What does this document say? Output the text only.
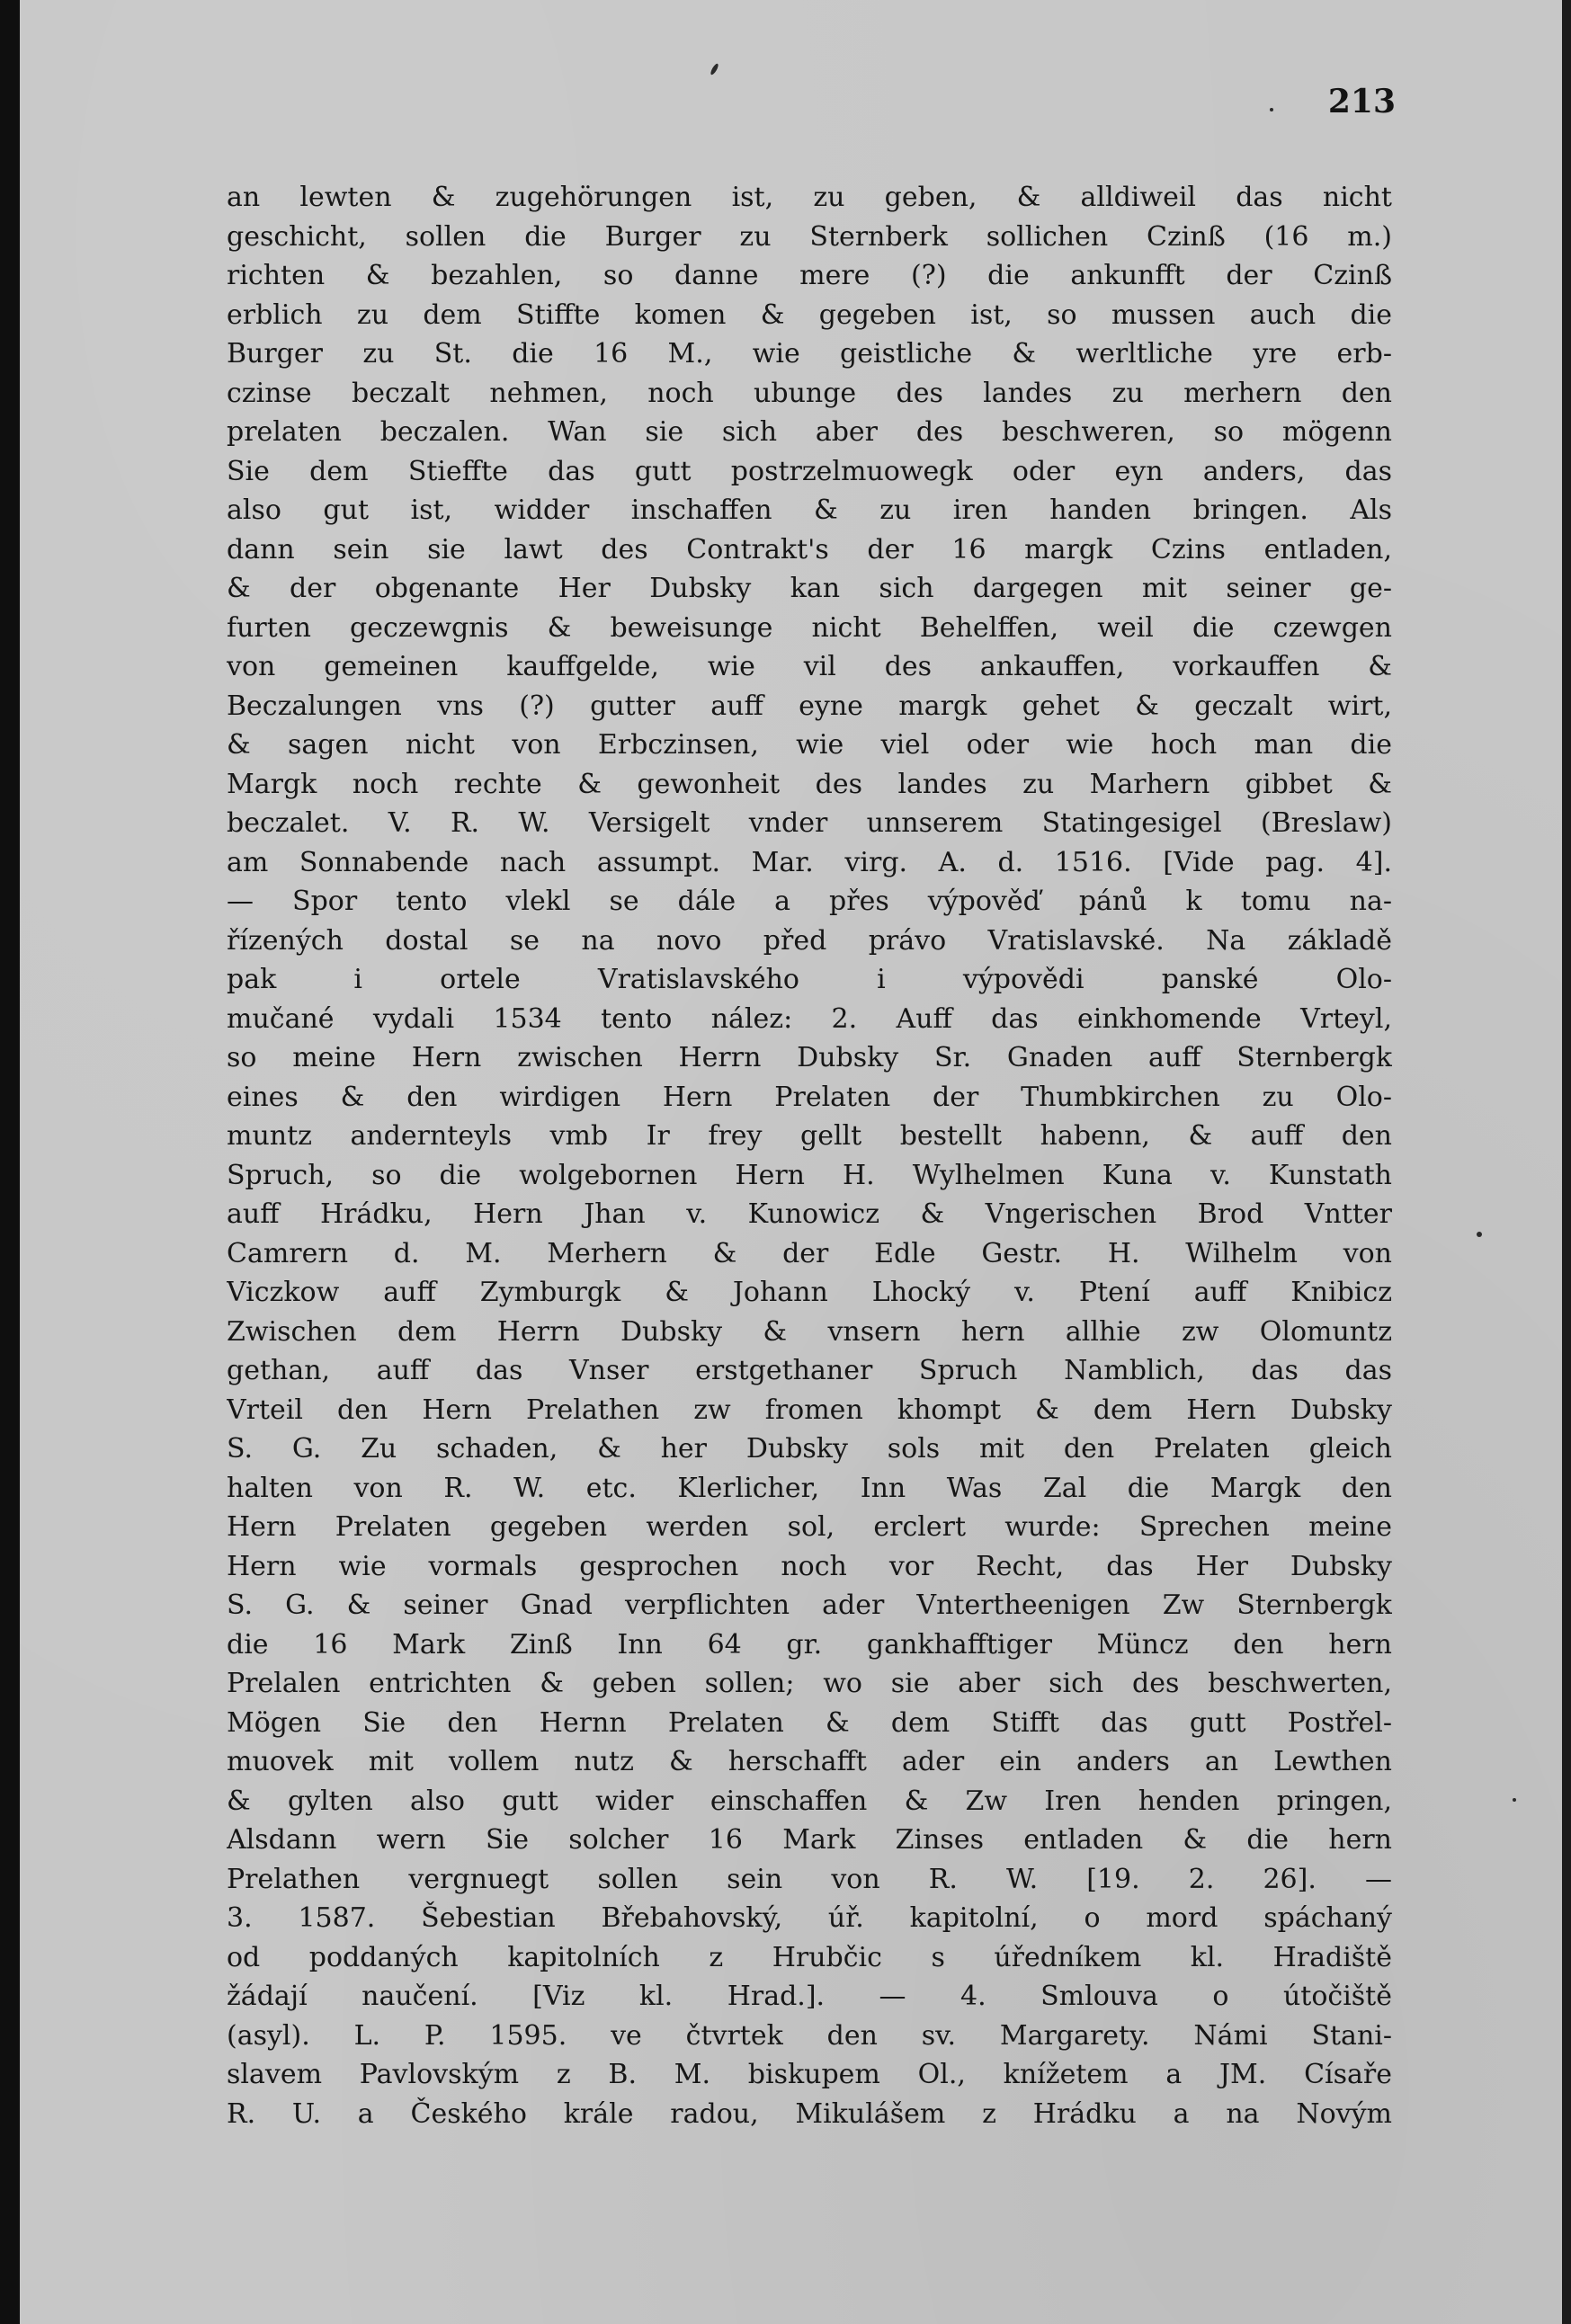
213
an lewten & zugehörungen ist, zu geben, & alldiweil das nicht
geschicht, sollen die Burger zu Sternberk sollichen Czinß (16 m.)
richten & bezahlen, so danne mere (?) die ankunfft der Czinß
erblich zu dem Stiffte komen & gegeben ist, so mussen auch die
Burger zu St. die 16 M., wie geistliche & werltliche yre erb-
czinse beczalt nehmen, noch ubunge des landes zu merhern den
prelaten beczalen. Wan sie sich aber des beschweren, so mögenn
Sie dem Stieffte das gutt postrzelmuowegk oder eyn anders, das
also gut ist, widder inschaffen & zu iren handen bringen. Als
dann sein sie lawt des Contrakt's der 16 margk Czins entladen,
& der obgenante Her Dubsky kan sich dargegen mit seiner ge-
furten geczewgnis & beweisunge nicht Behelffen, weil die czewgen
von gemeinen kauffgelde, wie vil des ankauffen, vorkauffen &
Beczalungen vns (?) gutter auff eyne margk gehet & geczalt wirt,
& sagen nicht von Erbczinsen, wie viel oder wie hoch man die
Margk noch rechte & gewonheit des landes zu Marhern gibbet &
beczalet. V. R. W. Versigelt vnder unnserem Statingesigel (Breslaw)
am Sonnabende nach assumpt. Mar. virg. A. d. 1516. [Vide pag. 4].
— Spor tento vlekl se dále a přes výpověď pánů k tomu na-
řízených dostal se na novo před právo Vratislavské. Na základě
pak i ortele Vratislavského i výpovědi panské Olo-
mučané vydali 1534 tento nález: 2. Auff das einkhomende Vrteyl,
so meine Hern zwischen Herrn Dubsky Sr. Gnaden auff Sternbergk
eines & den wirdigen Hern Prelaten der Thumbkirchen zu Olo-
muntz andernteyls vmb Ir frey gellt bestellt habenn, & auff den
Spruch, so die wolgebornen Hern H. Wylhelmen Kuna v. Kunstath
auff Hrádku, Hern Jhan v. Kunowicz & Vngerischen Brod Vntter
Camrern d. M. Merhern & der Edle Gestr. H. Wilhelm von
Viczkow auff Zymburgk & Johann Lhocký v. Ptení auff Knibicz
Zwischen dem Herrn Dubsky & vnsern hern allhie zw Olomuntz
gethan, auff das Vnser erstgethaner Spruch Namblich, das das
Vrteil den Hern Prelathen zw fromen khompt & dem Hern Dubsky
S. G. Zu schaden, & her Dubsky sols mit den Prelaten gleich
halten von R. W. etc. Klerlicher, Inn Was Zal die Margk den
Hern Prelaten gegeben werden sol, erclert wurde: Sprechen meine
Hern wie vormals gesprochen noch vor Recht, das Her Dubsky
S. G. & seiner Gnad verpflichten ader Vntertheenigen Zw Sternbergk
die 16 Mark Zinß Inn 64 gr. gankhafftiger Müncz den hern
Prelalen entrichten & geben sollen; wo sie aber sich des beschwerten,
Mögen Sie den Hernn Prelaten & dem Stifft das gutt Postřel-
muovek mit vollem nutz & herschafft ader ein anders an Lewthen
& gylten also gutt wider einschaffen & Zw Iren henden pringen,
Alsdann wern Sie solcher 16 Mark Zinses entladen & die hern
Prelathen vergnuegt sollen sein von R. W. [19. 2. 26]. —
3. 1587. Šebestian Břebahovský, úř. kapitolní, o mord spáchaný
od poddaných kapitolních z Hrubčic s úředníkem kl. Hradiště
žádají naučení. [Viz kl. Hrad.]. — 4. Smlouva o útočiště
(asyl). L. P. 1595. ve čtvrtek den sv. Margarety. Námi Stani-
slavem Pavlovským z B. M. biskupem Ol., knížetem a JM. Císaře
R. U. a Českého krále radou, Mikulášem z Hrádku a na Novým
